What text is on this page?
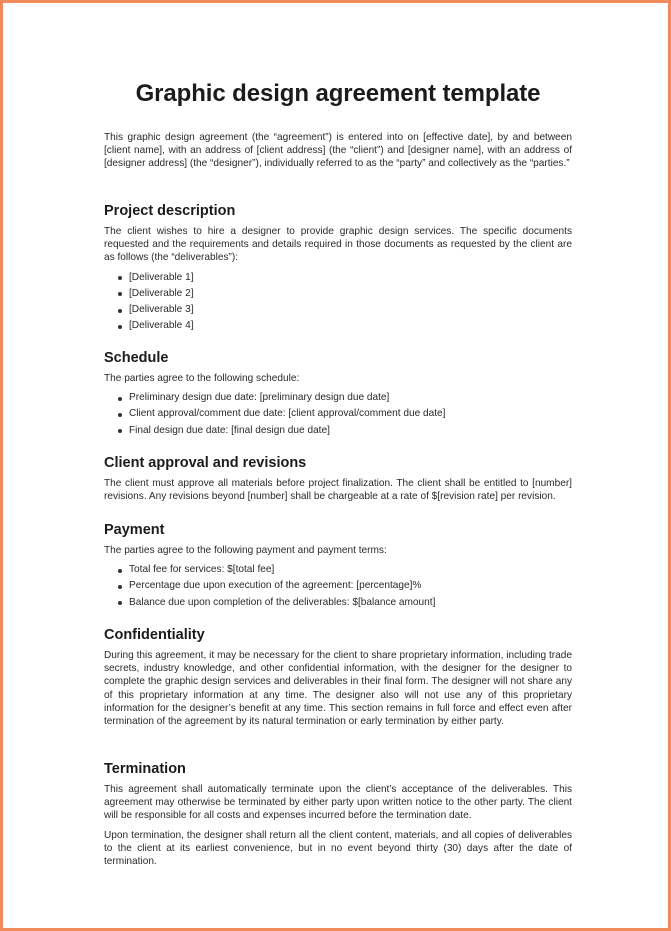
Graphic design agreement template

This graphic design agreement (the “agreement”) is entered into on [effective date], by and between [client name], with an address of [client address] (the “client”) and [designer name], with an address of [designer address] (the “designer”), individually referred to as the “party” and collectively as the “parties.”

Project description

The client wishes to hire a designer to provide graphic design services. The specific documents requested and the requirements and details required in those documents as requested by the client are as follows (the “deliverables”):

[Deliverable 1]
[Deliverable 2]
[Deliverable 3]
[Deliverable 4]
Schedule

The parties agree to the following schedule:

Preliminary design due date: [preliminary design due date]
Client approval/comment due date: [client approval/comment due date]
Final design due date: [final design due date]
Client approval and revisions

The client must approve all materials before project finalization. The client shall be entitled to [number] revisions. Any revisions beyond [number] shall be chargeable at a rate of $[revision rate] per revision.

Payment

The parties agree to the following payment and payment terms:

Total fee for services: $[total fee]
Percentage due upon execution of the agreement: [percentage]%
Balance due upon completion of the deliverables: $[balance amount]
Confidentiality

During this agreement, it may be necessary for the client to share proprietary information, including trade secrets, industry knowledge, and other confidential information, with the designer for the designer to complete the graphic design services and deliverables in their final form. The designer will not share any of this proprietary information at any time. The designer also will not use any of this proprietary information for the designer’s benefit at any time. This section remains in full force and effect even after termination of the agreement by its natural termination or early termination by either party.

Termination

This agreement shall automatically terminate upon the client’s acceptance of the deliverables. This agreement may otherwise be terminated by either party upon written notice to the other party. The client will be responsible for all costs and expenses incurred before the termination date.

Upon termination, the designer shall return all the client content, materials, and all copies of deliverables to the client at its earliest convenience, but in no event beyond thirty (30) days after the date of termination.
